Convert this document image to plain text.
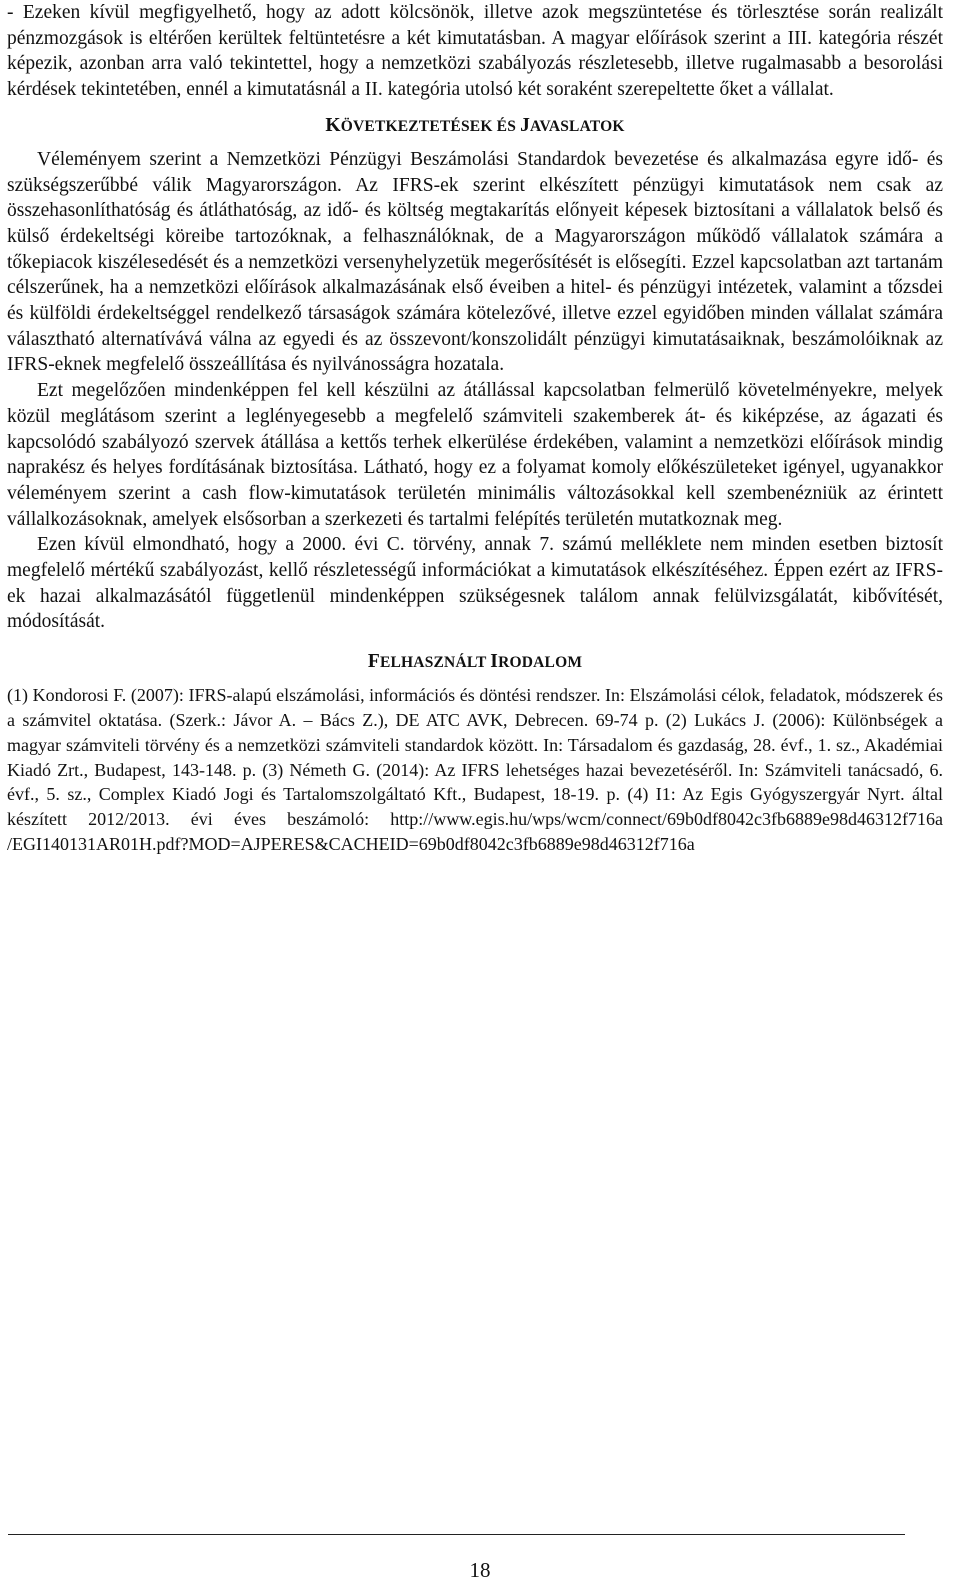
- Ezeken kívül megfigyelhető, hogy az adott kölcsönök, illetve azok megszüntetése és törlesztése során realizált pénzmozgások is eltérően kerültek feltüntetésre a két kimutatásban. A magyar előírások szerint a III. kategória részét képezik, azonban arra való tekintettel, hogy a nemzetközi szabályozás részletesebb, illetve rugalmasabb a besorolási kérdések tekintetében, ennél a kimutatásnál a II. kategória utolsó két soraként szerepeltette őket a vállalat.

KÖVETKEZTETÉSEK ÉS JAVASLATOK

Véleményem szerint a Nemzetközi Pénzügyi Beszámolási Standardok bevezetése és alkalmazása egyre idő- és szükségszerűbbé válik Magyarországon. Az IFRS-ek szerint elkészített pénzügyi kimutatások nem csak az összehasonlíthatóság és átláthatóság, az idő- és költség megtakarítás előnyeit képesek biztosítani a vállalatok belső és külső érdekeltségi köreibe tartozóknak, a felhasználóknak, de a Magyarországon működő vállalatok számára a tőkepiacok kiszélesedését és a nemzetközi versenyhelyzetük megerősítését is elősegíti. Ezzel kapcsolatban azt tartanám célszerűnek, ha a nemzetközi előírások alkalmazásának első éveiben a hitel- és pénzügyi intézetek, valamint a tőzsdei és külföldi érdekeltséggel rendelkező társaságok számára kötelezővé, illetve ezzel egyidőben minden vállalat számára választható alternatívává válna az egyedi és az összevont/konszolidált pénzügyi kimutatásaiknak, beszámolóiknak az IFRS-eknek megfelelő összeállítása és nyilvánosságra hozatala.

Ezt megelőzően mindenképpen fel kell készülni az átállással kapcsolatban felmerülő követelményekre, melyek közül meglátásom szerint a leglényegesebb a megfelelő számviteli szakemberek át- és kiképzése, az ágazati és kapcsolódó szabályozó szervek átállása a kettős terhek elkerülése érdekében, valamint a nemzetközi előírások mindig naprakész és helyes fordításának biztosítása. Látható, hogy ez a folyamat komoly előkészületeket igényel, ugyanakkor véleményem szerint a cash flow-kimutatások területén minimális változásokkal kell szembenézniük az érintett vállalkozásoknak, amelyek elsősorban a szerkezeti és tartalmi felépítés területén mutatkoznak meg.

Ezen kívül elmondható, hogy a 2000. évi C. törvény, annak 7. számú melléklete nem minden esetben biztosít megfelelő mértékű szabályozást, kellő részletességű információkat a kimutatások elkészítéséhez. Éppen ezért az IFRS-ek hazai alkalmazásától függetlenül mindenképpen szükségesnek találom annak felülvizsgálatát, kibővítését, módosítását.

FELHASZNÁLT IRODALOM

(1) Kondorosi F. (2007): IFRS-alapú elszámolási, információs és döntési rendszer. In: Elszámolási célok, feladatok, módszerek és a számvitel oktatása. (Szerk.: Jávor A. – Bács Z.), DE ATC AVK, Debrecen. 69-74 p. (2) Lukács J. (2006): Különbségek a magyar számviteli törvény és a nemzetközi számviteli standardok között. In: Társadalom és gazdaság, 28. évf., 1. sz., Akadémiai Kiadó Zrt., Budapest, 143-148. p. (3) Németh G. (2014): Az IFRS lehetséges hazai bevezetéséről. In: Számviteli tanácsadó, 6. évf., 5. sz., Complex Kiadó Jogi és Tartalomszolgáltató Kft., Budapest, 18-19. p. (4) I1: Az Egis Gyógyszergyár Nyrt. által készített 2012/2013. évi éves beszámoló: http://www.egis.hu/wps/wcm/connect/69b0df8042c3fb6889e98d46312f716a /EGI140131AR01H.pdf?MOD=AJPERES&CACHEID=69b0df8042c3fb6889e98d46312f716a

18
